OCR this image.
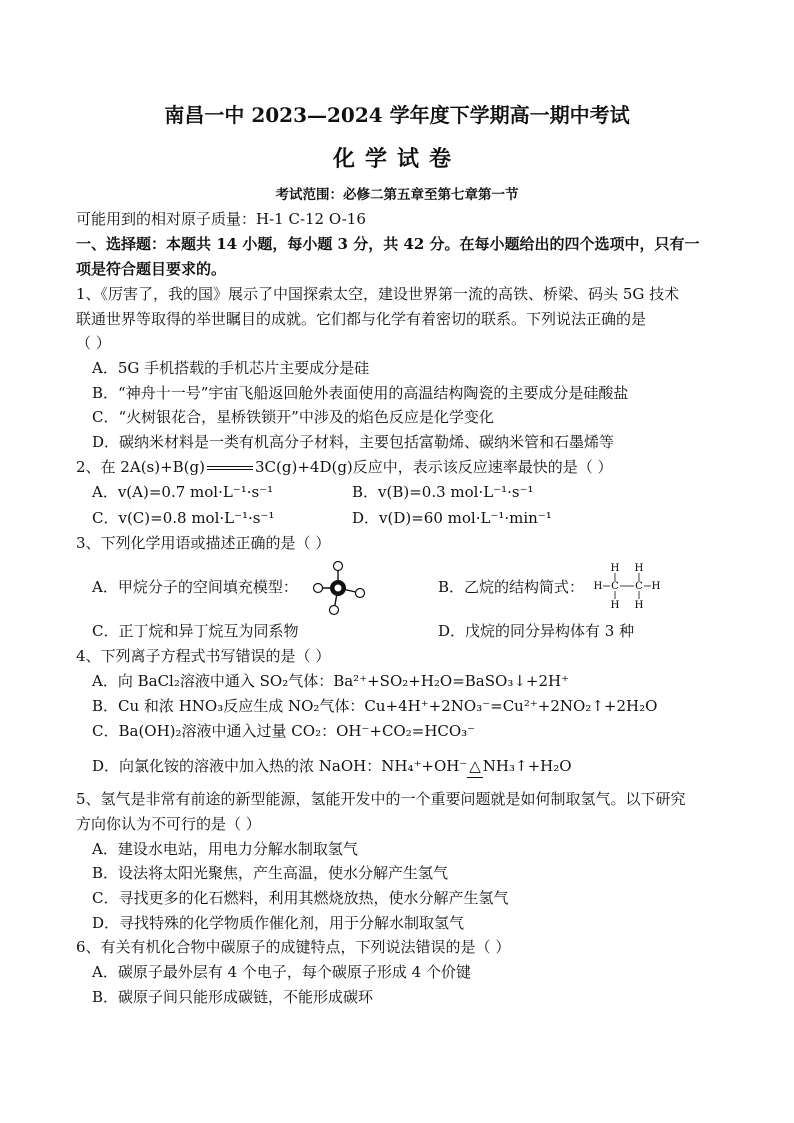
南昌一中 2023—2024 学年度下学期高一期中考试
化学试卷
考试范围：必修二第五章至第七章第一节
可能用到的相对原子质量：H-1 C-12 O-16
一、选择题：本题共 14 小题，每小题 3 分，共 42 分。在每小题给出的四个选项中，只有一
项是符合题目要求的。
1、《厉害了，我的国》展示了中国探索太空，建设世界第一流的高铁、桥梁、码头 5G 技术
联通世界等取得的举世瞩目的成就。它们都与化学有着密切的联系。下列说法正确的是
（ ）
A．5G 手机搭载的手机芯片主要成分是硅
B．“神舟十一号”宇宙飞船返回舱外表面使用的高温结构陶瓷的主要成分是硅酸盐
C．“火树银花合，星桥铁锁开”中涉及的焰色反应是化学变化
D．碳纳米材料是一类有机高分子材料，主要包括富勒烯、碳纳米管和石墨烯等
2、在 2A(s)+B(g)	3C(g)+4D(g)反应中，表示该反应速率最快的是（ ）
A．v(A)=0.7 mol·L⁻¹·s⁻¹	B．v(B)=0.3 mol·L⁻¹·s⁻¹
C．v(C)=0.8 mol·L⁻¹·s⁻¹	D．v(D)=60 mol·L⁻¹·min⁻¹
3、下列化学用语或描述正确的是（ ）
A．甲烷分子的空间填充模型：	B．乙烷的结构简式：
H H
H C C H
H H
C．正丁烷和异丁烷互为同系物	D．戊烷的同分异构体有 3 种
4、下列离子方程式书写错误的是（ ）
A．向 BaCl₂溶液中通入 SO₂气体：Ba²⁺+SO₂+H₂O=BaSO₃↓+2H⁺
B．Cu 和浓 HNO₃反应生成 NO₂气体：Cu+4H⁺+2NO₃⁻=Cu²⁺+2NO₂↑+2H₂O
C．Ba(OH)₂溶液中通入过量 CO₂：OH⁻+CO₂=HCO₃⁻
D．向氯化铵的溶液中加入热的浓 NaOH：NH₄⁺+OH⁻ △ NH₃↑+H₂O
5、氢气是非常有前途的新型能源，氢能开发中的一个重要问题就是如何制取氢气。以下研究
方向你认为不可行的是（ ）
A．建设水电站，用电力分解水制取氢气
B．设法将太阳光聚焦，产生高温，使水分解产生氢气
C．寻找更多的化石燃料，利用其燃烧放热，使水分解产生氢气
D．寻找特殊的化学物质作催化剂，用于分解水制取氢气
6、有关有机化合物中碳原子的成键特点，下列说法错误的是（ ）
A．碳原子最外层有 4 个电子，每个碳原子形成 4 个价键
B．碳原子间只能形成碳链，不能形成碳环
